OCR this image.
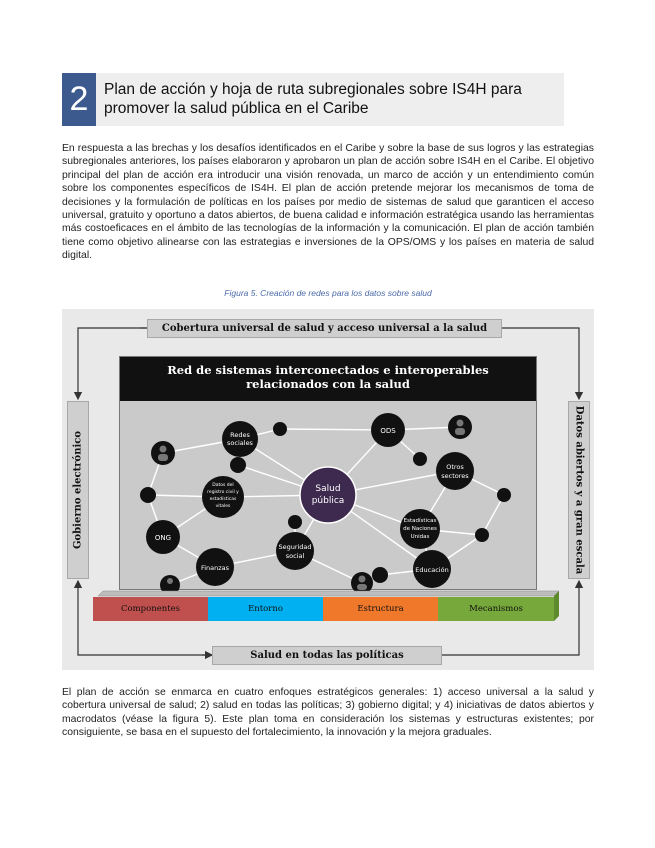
2	Plan de acción y hoja de ruta subregionales sobre IS4H para promover la salud pública en el Caribe

En respuesta a las brechas y los desafíos identificados en el Caribe y sobre la base de sus logros y las estrategias subregionales anteriores, los países elaboraron y aprobaron un plan de acción sobre IS4H en el Caribe. El objetivo principal del plan de acción era introducir una visión renovada, un marco de acción y un entendimiento común sobre los componentes específicos de IS4H. El plan de acción pretende mejorar los mecanismos de toma de decisiones y la formulación de políticas en los países por medio de sistemas de salud que garanticen el acceso universal, gratuito y oportuno a datos abiertos, de buena calidad e información estratégica usando las herramientas más costoeficaces en el ámbito de las tecnologías de la información y la comunicación. El plan de acción también tiene como objetivo alinearse con las estrategias e inversiones de la OPS/OMS y los países en materia de salud digital.

Figura 5. Creación de redes para los datos sobre salud
Cobertura universal de salud y acceso universal a la salud
Salud en todas las políticas
Gobierno electrónico	Datos abiertos y a gran escala
Red de sistemas interconectados e interoperables relacionados con la salud
Salud
pública
Redes
sociales
ODS
Otros
sectores
Datos del
registro civil y
estadísticas
vitales
Estadísticas
de Naciones
Unidas
ONG
Finanzas
Seguridad
social
Educación
Componentes	Entorno	Estructura	Mecanismos

El plan de acción se enmarca en cuatro enfoques estratégicos generales: 1) acceso universal a la salud y cobertura universal de salud; 2) salud en todas las políticas; 3) gobierno digital; y 4) iniciativas de datos abiertos y macrodatos (véase la figura 5). Este plan toma en consideración los sistemas y estructuras existentes; por consiguiente, se basa en el supuesto del fortalecimiento, la innovación y la mejora graduales.
